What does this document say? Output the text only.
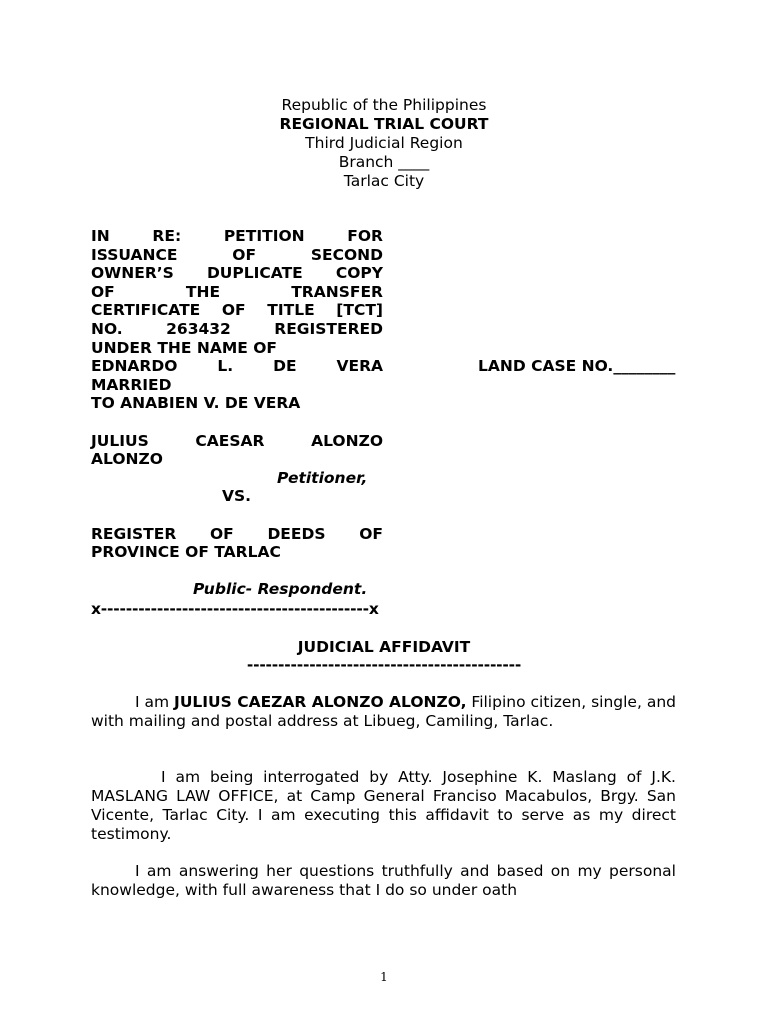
Republic of the Philippines
REGIONAL TRIAL COURT
Third Judicial Region
Branch ____
Tarlac City
IN RE: PETITION FOR
ISSUANCE OF SECOND
OWNER’S DUPLICATE COPY
OF THE TRANSFER
CERTIFICATE OF TITLE [TCT]
NO. 263432 REGISTERED
UNDER THE NAME OF
EDNARDO L. DE VERA
MARRIED
TO ANABIEN V. DE VERA
JULIUS CAESAR ALONZO
ALONZO
Petitioner,
VS.
REGISTER OF DEEDS OF
PROVINCE OF TARLAC
Public- Respondent.
LAND CASE NO.________
x-------------------------------------------x
JUDICIAL AFFIDAVIT
--------------------------------------------

I am JULIUS CAEZAR ALONZO ALONZO, Filipino citizen, single, and with mailing and postal address at Libueg, Camiling, Tarlac.

I am being interrogated by Atty. Josephine K. Maslang of J.K. MASLANG LAW OFFICE, at Camp General Franciso Macabulos, Brgy. San Vicente, Tarlac City. I am executing this affidavit to serve as my direct testimony.

I am answering her questions truthfully and based on my personal knowledge, with full awareness that I do so under oath

1
